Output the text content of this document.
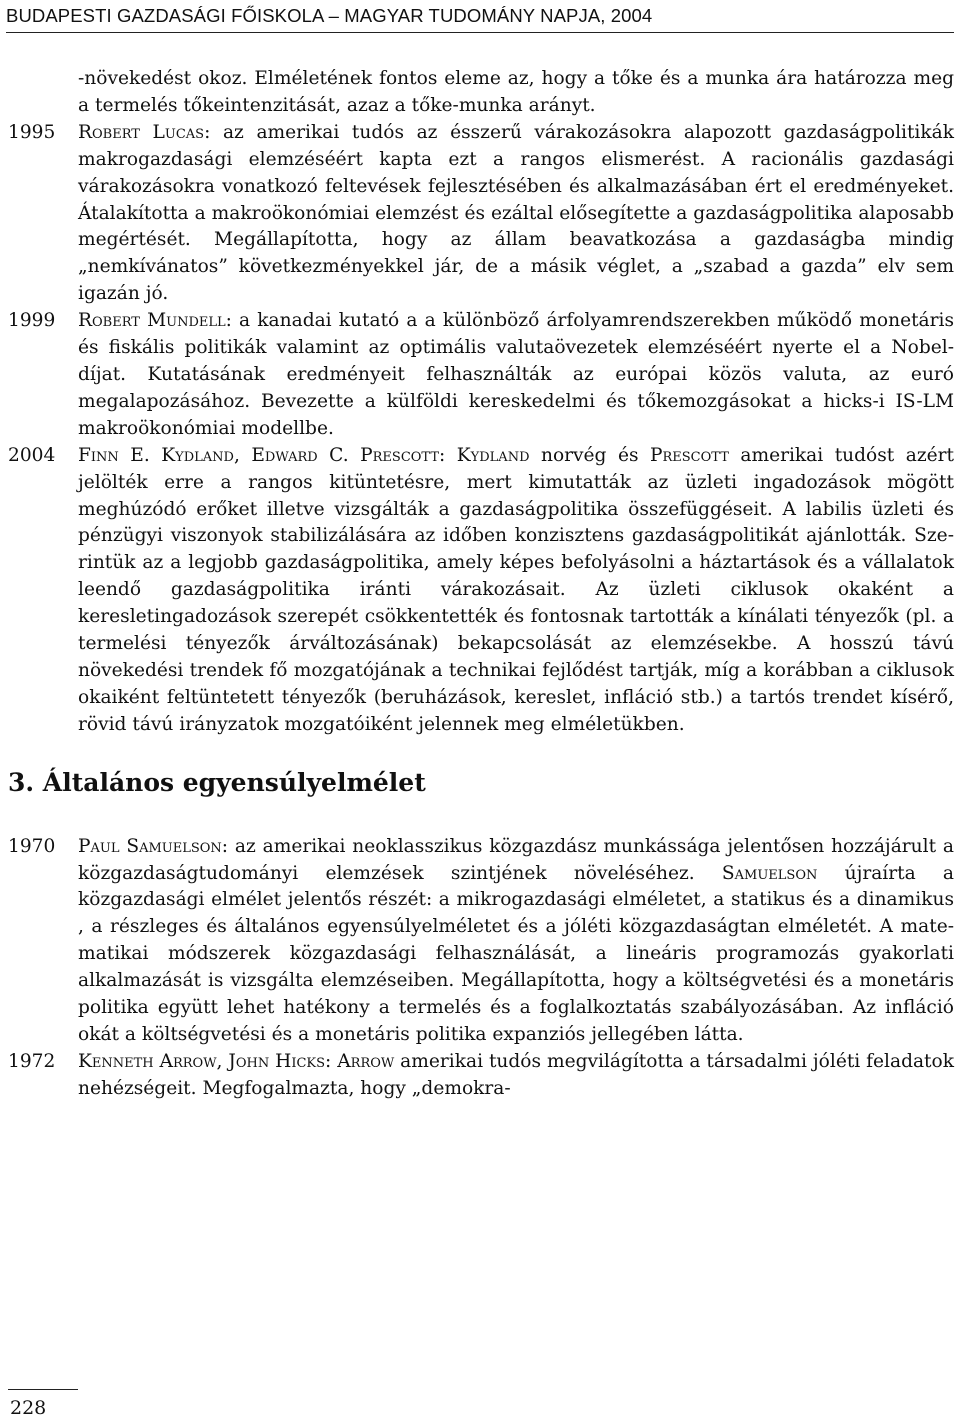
BUDAPESTI GAZDASÁGI FŐISKOLA – MAGYAR TUDOMÁNY NAPJA, 2004
-növekedést okoz. Elméletének fontos eleme az, hogy a tőke és a munka ára határozza meg a termelés tőkeintenzitását, azaz a tőke-munka arányt.
1995 Robert Lucas: az amerikai tudós az ésszerű várakozásokra alapozott gazdaságpolitikák makrogazdasági elemzéséért kapta ezt a rangos elismerést. A racionális gazdasági várakozásokra vonatkozó feltevések fejlesztésében és alkalmazásában ért el eredményeket. Átalakította a makroökonómiai elemzést és ezáltal elősegítette a gazdaságpolitika alaposabb megértését. Megállapította, hogy az állam beavatkozása a gazdaságba mindig „nemkívánatos” következményekkel jár, de a másik véglet, a „szabad a gazda” elv sem igazán jó.
1999 Robert Mundell: a kanadai kutató a a különböző árfolyamrendszerekben működő monetáris és fiskális politikák valamint az optimális valutaövezetek elemzéséért nyerte el a Nobel-díjat. Kutatásának eredményeit felhasználták az európai közös valuta, az euró megalapozásához. Bevezette a külföldi kereskedelmi és tőkemozgásokat a hicks-i IS-LM makroökonómiai modellbe.
2004 Finn E. Kydland, Edward C. Prescott: Kydland norvég és Prescott amerikai tudóst azért jelölték erre a rangos kitüntetésre, mert kimutatták az üzleti ingadozások mögött meghúzódó erőket illetve vizsgálták a gazdaságpolitika összefüggéseit. A labilis üzleti és pénzügyi viszonyok stabilizálására az időben konzisztens gazdaságpolitikát ajánlották. Szerintük az a legjobb gazdaságpolitika, amely képes befolyásolni a háztartások és a vállalatok leendő gazdaságpolitika iránti várakozásait. Az üzleti ciklusok okaként a keresletingadozások szerepét csökkentették és fontosnak tartották a kínálati tényezők (pl. a termelési tényezők árváltozásának) bekapcsolását az elemzésekbe. A hosszú távú növekedési trendek fő mozgatójának a technikai fejlődést tartják, míg a korábban a ciklusok okaiként feltüntetett tényezők (beruházások, kereslet, infláció stb.) a tartós trendet kísérő, rövid távú irányzatok mozgatóiként jelennek meg elméletükben.
3. Általános egyensúlyelmélet
1970 Paul Samuelson: az amerikai neoklasszikus közgazdász munkássága jelentősen hozzájárult a közgazdaságtudományi elemzések szintjének növeléséhez. Samuelson újraírta a közgazdasági elmélet jelentős részét: a mikrogazdasági elméletet, a statikus és a dinamikus , a részleges és általános egyensúlyelméletet és a jóléti közgazdaságtan elméletét. A matematikai módszerek közgazdasági felhasználását, a lineáris programozás gyakorlati alkalmazását is vizsgálta elemzéseiben. Megállapította, hogy a költségvetési és a monetáris politika együtt lehet hatékony a termelés és a foglalkoztatás szabályozásában. Az infláció okát a költségvetési és a monetáris politika expanziós jellegében látta.
1972 Kenneth Arrow, John Hicks: Arrow amerikai tudós megvilágította a társadalmi jóléti feladatok nehézségeit. Megfogalmazta, hogy „demokra-
228
